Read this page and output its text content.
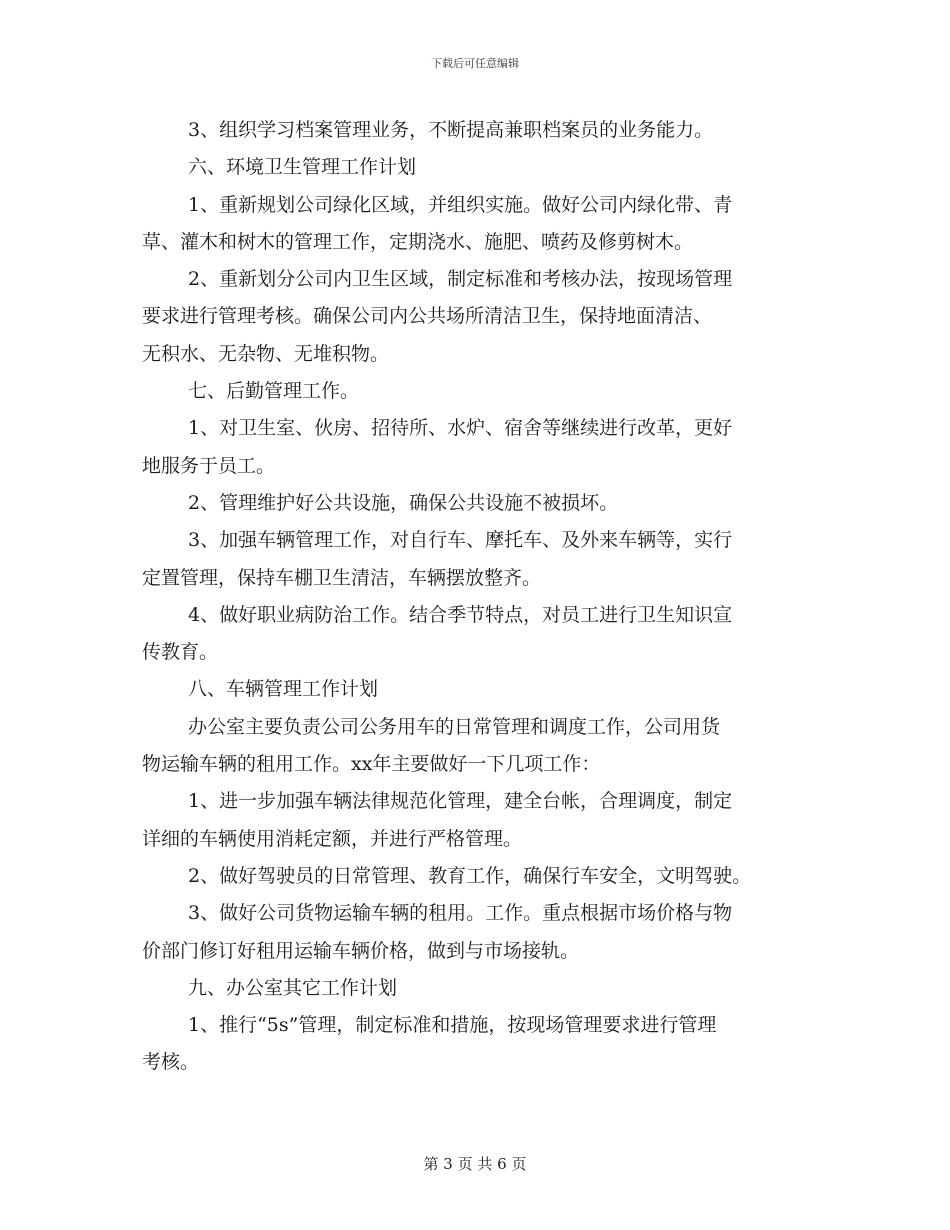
下载后可任意编辑
3、组织学习档案管理业务，不断提高兼职档案员的业务能力。
六、环境卫生管理工作计划
1、重新规划公司绿化区域，并组织实施。做好公司内绿化带、青
草、灌木和树木的管理工作，定期浇水、施肥、喷药及修剪树木。
2、重新划分公司内卫生区域，制定标准和考核办法，按现场管理
要求进行管理考核。确保公司内公共场所清洁卫生，保持地面清洁、
无积水、无杂物、无堆积物。
七、后勤管理工作。
1、对卫生室、伙房、招待所、水炉、宿舍等继续进行改革，更好
地服务于员工。
2、管理维护好公共设施，确保公共设施不被损坏。
3、加强车辆管理工作，对自行车、摩托车、及外来车辆等，实行
定置管理，保持车棚卫生清洁，车辆摆放整齐。
4、做好职业病防治工作。结合季节特点，对员工进行卫生知识宣
传教育。
八、车辆管理工作计划
办公室主要负责公司公务用车的日常管理和调度工作，公司用货
物运输车辆的租用工作。xx年主要做好一下几项工作：
1、进一步加强车辆法律规范化管理，建全台帐，合理调度，制定
详细的车辆使用消耗定额，并进行严格管理。
2、做好驾驶员的日常管理、教育工作，确保行车安全，文明驾驶。
3、做好公司货物运输车辆的租用。工作。重点根据市场价格与物
价部门修订好租用运输车辆价格，做到与市场接轨。
九、办公室其它工作计划
1、推行“5s”管理，制定标准和措施，按现场管理要求进行管理
考核。
第 3 页 共 6 页
